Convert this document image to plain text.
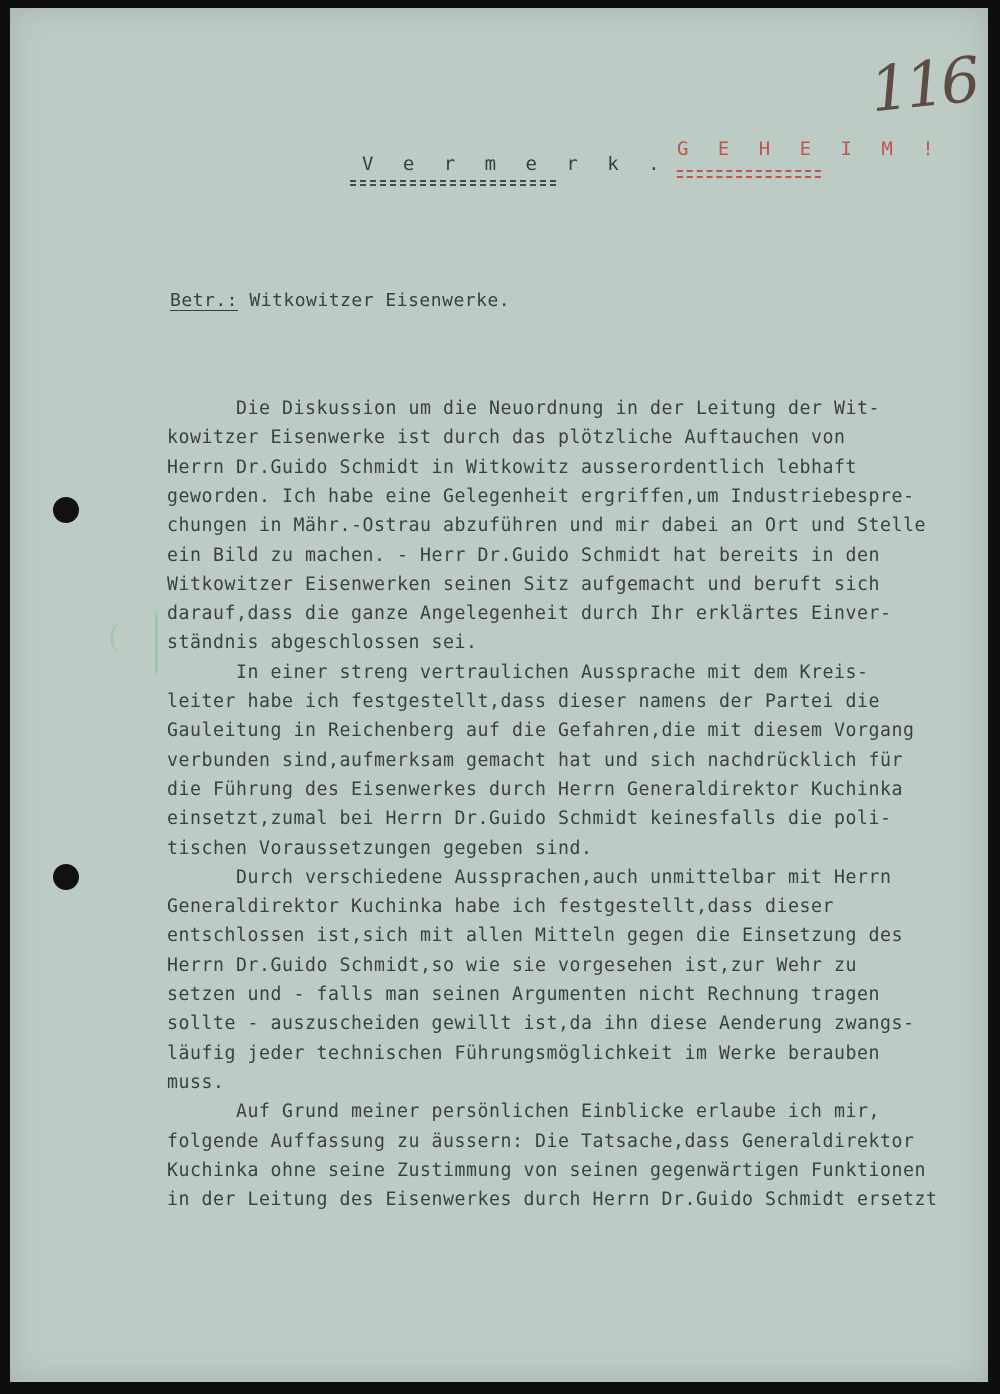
116
V e r m e r k .
G E H E I M !
Betr.: Witkowitzer Eisenwerke.
(
Die Diskussion um die Neuordnung in der Leitung der Wit-
kowitzer Eisenwerke ist durch das plötzliche Auftauchen von
Herrn Dr.Guido Schmidt in Witkowitz ausserordentlich lebhaft
geworden. Ich habe eine Gelegenheit ergriffen,um Industriebespre-
chungen in Mähr.-Ostrau abzuführen und mir dabei an Ort und Stelle
ein Bild zu machen. - Herr Dr.Guido Schmidt hat bereits in den
Witkowitzer Eisenwerken seinen Sitz aufgemacht und beruft sich
darauf,dass die ganze Angelegenheit durch Ihr erklärtes Einver-
ständnis abgeschlossen sei.
In einer streng vertraulichen Aussprache mit dem Kreis-
leiter habe ich festgestellt,dass dieser namens der Partei die
Gauleitung in Reichenberg auf die Gefahren,die mit diesem Vorgang
verbunden sind,aufmerksam gemacht hat und sich nachdrücklich für
die Führung des Eisenwerkes durch Herrn Generaldirektor Kuchinka
einsetzt,zumal bei Herrn Dr.Guido Schmidt keinesfalls die poli-
tischen Voraussetzungen gegeben sind.
Durch verschiedene Aussprachen,auch unmittelbar mit Herrn
Generaldirektor Kuchinka habe ich festgestellt,dass dieser
entschlossen ist,sich mit allen Mitteln gegen die Einsetzung des
Herrn Dr.Guido Schmidt,so wie sie vorgesehen ist,zur Wehr zu
setzen und - falls man seinen Argumenten nicht Rechnung tragen
sollte - auszuscheiden gewillt ist,da ihn diese Aenderung zwangs-
läufig jeder technischen Führungsmöglichkeit im Werke berauben
muss.
Auf Grund meiner persönlichen Einblicke erlaube ich mir,
folgende Auffassung zu äussern: Die Tatsache,dass Generaldirektor
Kuchinka ohne seine Zustimmung von seinen gegenwärtigen Funktionen
in der Leitung des Eisenwerkes durch Herrn Dr.Guido Schmidt ersetzt
